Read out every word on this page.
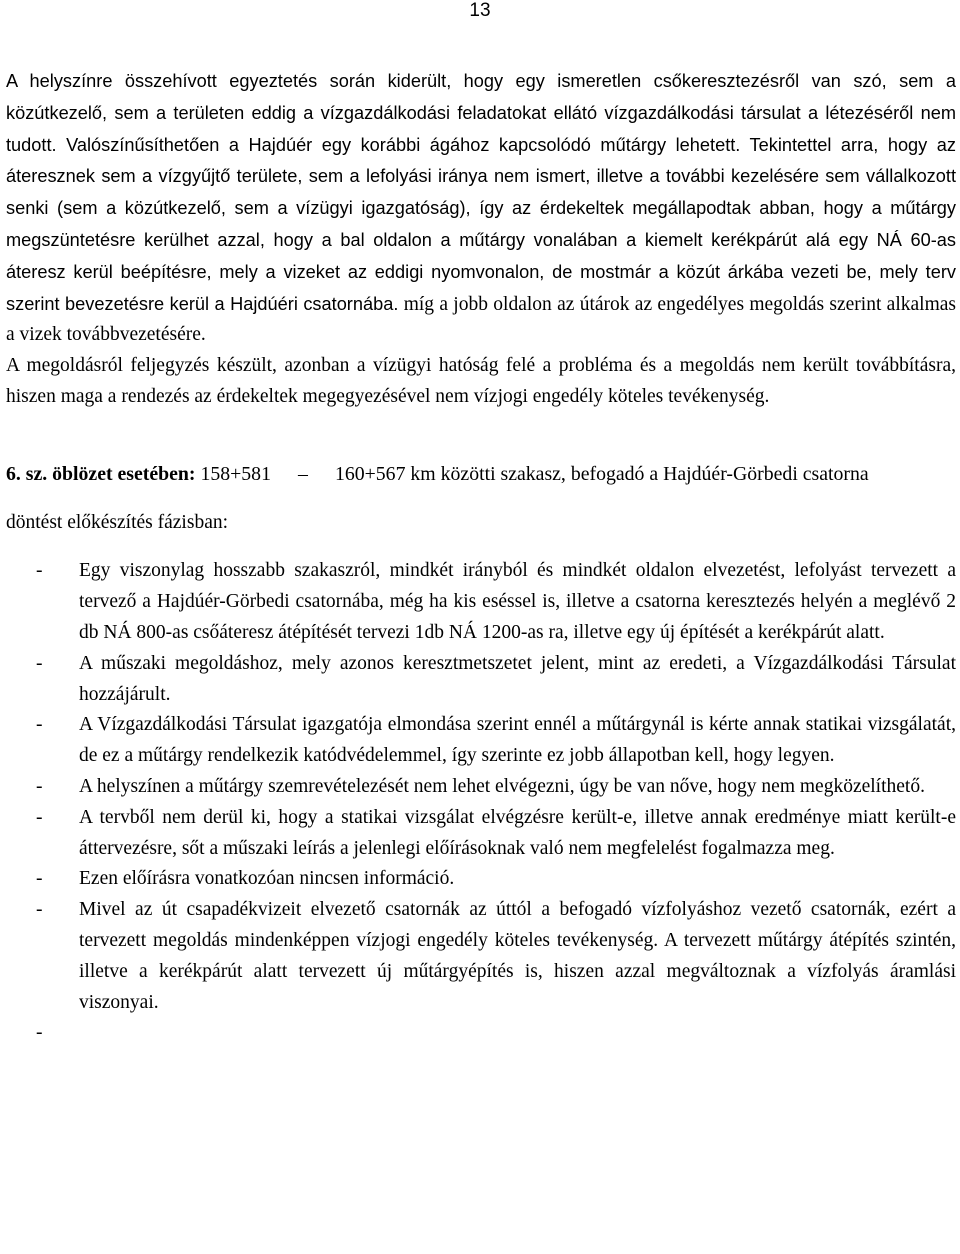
13

A helyszínre összehívott egyeztetés során kiderült, hogy egy ismeretlen csőkeresztezésről van szó, sem a közútkezelő, sem a területen eddig a vízgazdálkodási feladatokat ellátó vízgazdálkodási társulat a létezéséről nem tudott. Valószínűsíthetően a Hajdúér egy korábbi ágához kapcsolódó műtárgy lehetett. Tekintettel arra, hogy az áteresznek sem a vízgyűjtő területe, sem a lefolyási iránya nem ismert, illetve a további kezelésére sem vállalkozott senki (sem a közútkezelő, sem a vízügyi igazgatóság), így az érdekeltek megállapodtak abban, hogy a műtárgy megszüntetésre kerülhet azzal, hogy a bal oldalon a műtárgy vonalában a kiemelt kerékpárút alá egy NÁ 60-as áteresz kerül beépítésre, mely a vizeket az eddigi nyomvonalon, de mostmár a közút árkába vezeti be, mely terv szerint bevezetésre kerül a Hajdúéri csatornába. míg a jobb oldalon az útárok az engedélyes megoldás szerint alkalmas a vizek továbbvezetésére.

A megoldásról feljegyzés készült, azonban a vízügyi hatóság felé a probléma és a megoldás nem került továbbításra, hiszen maga a rendezés az érdekeltek megegyezésével nem vízjogi engedély köteles tevékenység.

6. sz. öblözet esetében: 158+581 – 160+567 km közötti szakasz, befogadó a Hajdúér-Görbedi csatorna

döntést előkészítés fázisban:

- Egy viszonylag hosszabb szakaszról, mindkét irányból és mindkét oldalon elvezetést, lefolyást tervezett a tervező a Hajdúér-Görbedi csatornába, még ha kis eséssel is, illetve a csatorna keresztezés helyén a meglévő 2 db NÁ 800-as csőáteresz átépítését tervezi 1db NÁ 1200-as ra, illetve egy új építését a kerékpárút alatt.
- A műszaki megoldáshoz, mely azonos keresztmetszetet jelent, mint az eredeti, a Vízgazdálkodási Társulat hozzájárult.
- A Vízgazdálkodási Társulat igazgatója elmondása szerint ennél a műtárgynál is kérte annak statikai vizsgálatát, de ez a műtárgy rendelkezik katódvédelemmel, így szerinte ez jobb állapotban kell, hogy legyen.
- A helyszínen a műtárgy szemrevételezését nem lehet elvégezni, úgy be van nőve, hogy nem megközelíthető.
- A tervből nem derül ki, hogy a statikai vizsgálat elvégzésre került-e, illetve annak eredménye miatt került-e áttervezésre, sőt a műszaki leírás a jelenlegi előírásoknak való nem megfelelést fogalmazza meg.
- Ezen előírásra vonatkozóan nincsen információ.
- Mivel az út csapadékvizeit elvezető csatornák az úttól a befogadó vízfolyáshoz vezető csatornák, ezért a tervezett megoldás mindenképpen vízjogi engedély köteles tevékenység. A tervezett műtárgy átépítés szintén, illetve a kerékpárút alatt tervezett új műtárgyépítés is, hiszen azzal megváltoznak a vízfolyás áramlási viszonyai.
-
